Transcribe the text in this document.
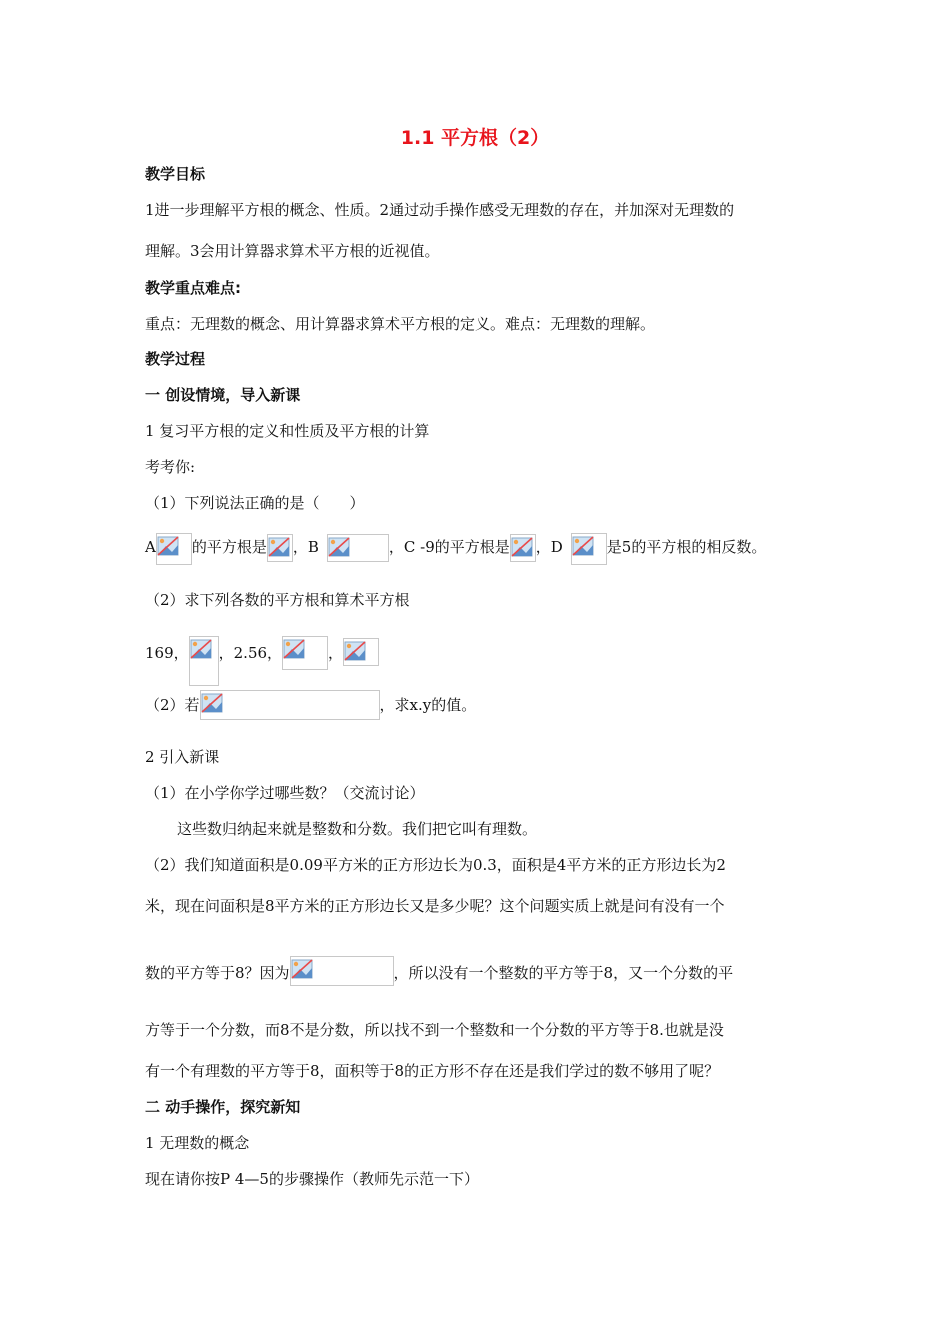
1.1 平方根（2）
教学目标
1进一步理解平方根的概念、性质。2通过动手操作感受无理数的存在，并加深对无理数的
理解。3会用计算器求算术平方根的近视值。
教学重点难点:
重点：无理数的概念、用计算器求算术平方根的定义。难点：无理数的理解。
教学过程
一 创设情境，导入新课
1 复习平方根的定义和性质及平方根的计算
考考你:
（1）下列说法正确的是（　　）
A 的平方根是 ，B	，C -9的平方根是 ，D	是5的平方根的相反数。
（2）求下列各数的平方根和算术平方根
169， ，2.56，	，
（2）若	，求x.y的值。
2 引入新课
（1）在小学你学过哪些数？（交流讨论）
这些数归纳起来就是整数和分数。我们把它叫有理数。
（2）我们知道面积是0.09平方米的正方形边长为0.3，面积是4平方米的正方形边长为2
米，现在问面积是8平方米的正方形边长又是多少呢？这个问题实质上就是问有没有一个
数的平方等于8？因为	，所以没有一个整数的平方等于8，又一个分数的平
方等于一个分数，而8不是分数，所以找不到一个整数和一个分数的平方等于8.也就是没
有一个有理数的平方等于8，面积等于8的正方形不存在还是我们学过的数不够用了呢？
二 动手操作，探究新知
1 无理数的概念
现在请你按P 4—5的步骤操作（教师先示范一下）
